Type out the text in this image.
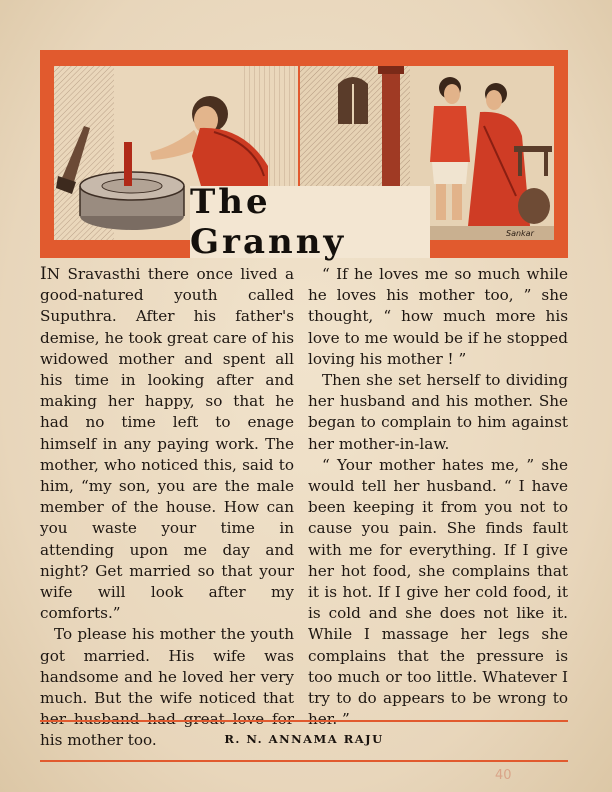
The Granny	Sankar

IN Sravasthi there once lived a good-natured youth called Suputhra. After his father's demise, he took great care of his widowed mother and spent all his time in looking after and making her happy, so that he had no time left to enage himself in any paying work. The mother, who noticed this, said to him, “my son, you are the male member of the house. How can you waste your time in attending upon me day and night? Get married so that your wife will look after my comforts.”

To please his mother the youth got married. His wife was handsome and he loved her very much. But the wife noticed that his mother too.

“ If he loves me so much while he loves his mother too, ” she thought, “ how much more his love to me would be if he stopped loving his mother ! ”

Then she set herself to dividing her husband and his mother. She began to complain to him against her mother-in-law.

“ Your mother hates me, ” she would tell her husband. “ I have been keeping it from you not to cause you pain. She finds fault with me for everything. If I give her hot food, she complains that it is hot. If I give her cold food, it is cold and she does not like it. While I massage her legs she complains that the pressure is too much or too little. Whatever I try to do appears to be wrong to

R. N. ANNAMA RAJU
40
